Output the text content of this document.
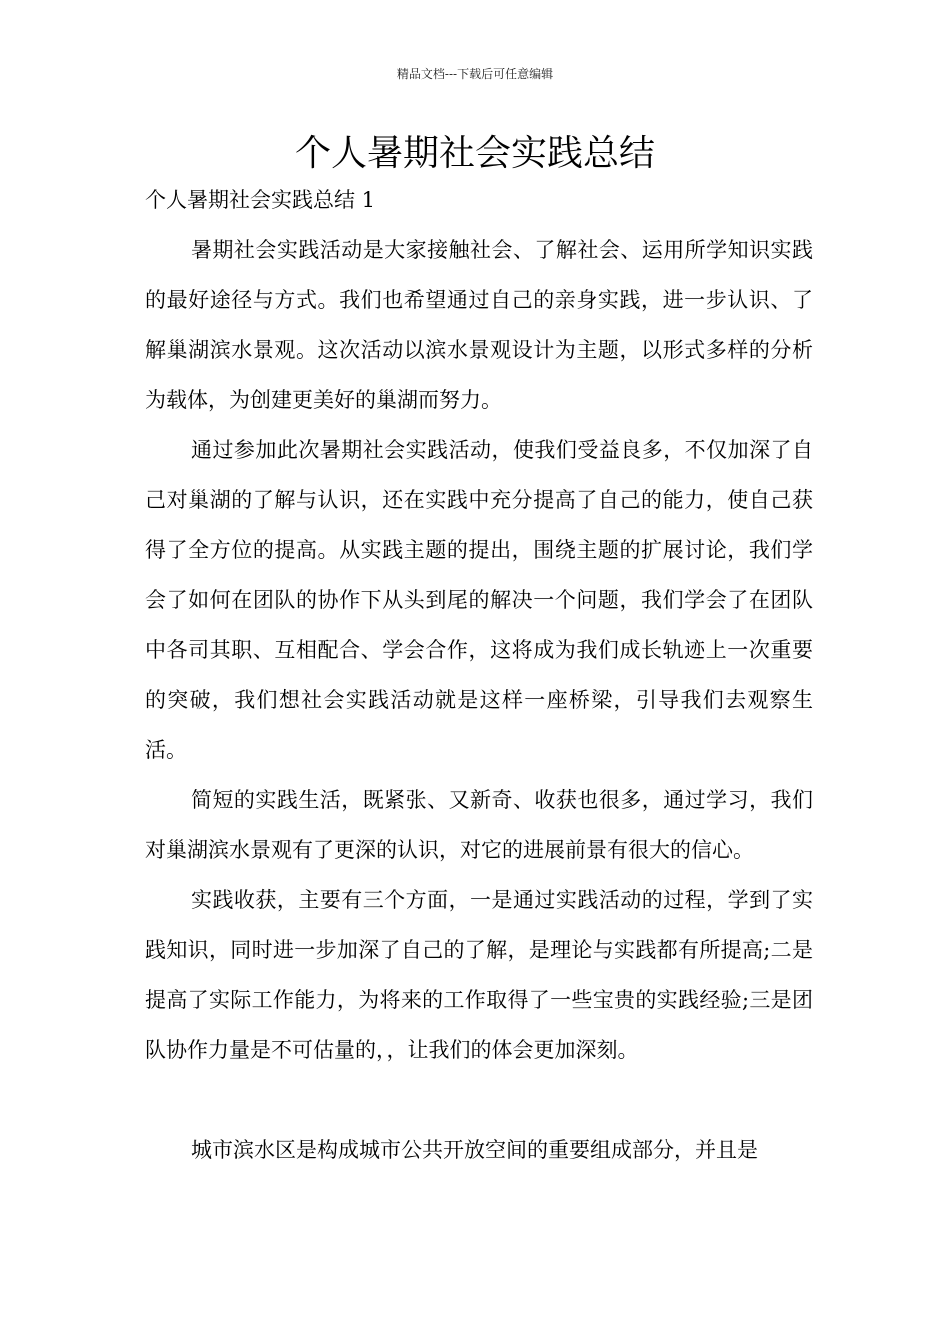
精品文档---下载后可任意编辑
个人暑期社会实践总结
个人暑期社会实践总结 1

暑期社会实践活动是大家接触社会、了解社会、运用所学知识实践的最好途径与方式。我们也希望通过自己的亲身实践，进一步认识、了解巢湖滨水景观。这次活动以滨水景观设计为主题，以形式多样的分析为载体，为创建更美好的巢湖而努力。

通过参加此次暑期社会实践活动，使我们受益良多，不仅加深了自己对巢湖的了解与认识，还在实践中充分提高了自己的能力，使自己获得了全方位的提高。从实践主题的提出，围绕主题的扩展讨论，我们学会了如何在团队的协作下从头到尾的解决一个问题，我们学会了在团队中各司其职、互相配合、学会合作，这将成为我们成长轨迹上一次重要的突破，我们想社会实践活动就是这样一座桥梁，引导我们去观察生活。

简短的实践生活，既紧张、又新奇、收获也很多，通过学习，我们对巢湖滨水景观有了更深的认识，对它的进展前景有很大的信心。

实践收获，主要有三个方面，一是通过实践活动的过程，学到了实践知识，同时进一步加深了自己的了解，是理论与实践都有所提高;二是提高了实际工作能力，为将来的工作取得了一些宝贵的实践经验;三是团队协作力量是不可估量的，，让我们的体会更加深刻。

城市滨水区是构成城市公共开放空间的重要组成部分，并且是
